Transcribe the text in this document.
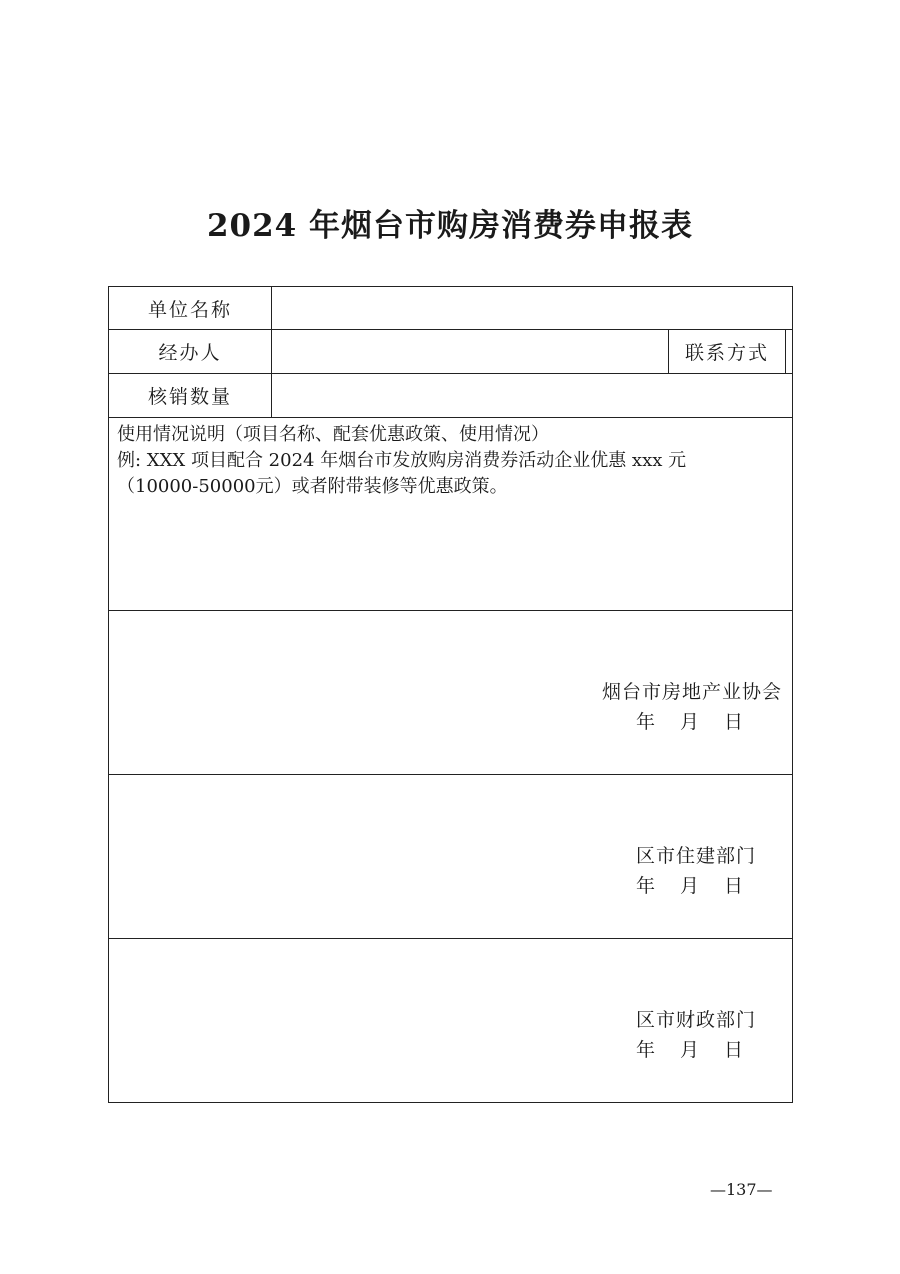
2024 年烟台市购房消费券申报表
单位名称
经办人	联系方式
核销数量
使用情况说明（项目名称、配套优惠政策、使用情况）
例: XXX 项目配合 2024 年烟台市发放购房消费券活动企业优惠 xxx 元
（10000-50000元）或者附带装修等优惠政策。
烟台市房地产业协会
年 月 日
区市住建部门
年 月 日
区市财政部门
年 月 日
—137—
